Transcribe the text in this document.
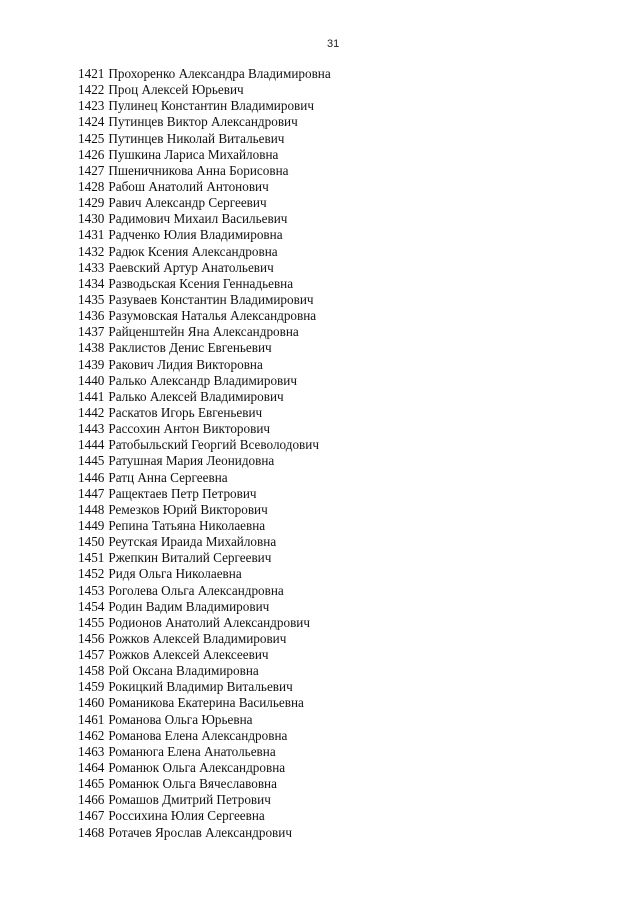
31
1421 Прохоренко Александра Владимировна
1422 Проц Алексей Юрьевич
1423 Пулинец Константин Владимирович
1424 Путинцев Виктор Александрович
1425 Путинцев Николай Витальевич
1426 Пушкина Лариса Михайловна
1427 Пшеничникова Анна Борисовна
1428 Рабош Анатолий Антонович
1429 Равич Александр Сергеевич
1430 Радимович Михаил Васильевич
1431 Радченко Юлия Владимировна
1432 Радюк Ксения Александровна
1433 Раевский Артур Анатольевич
1434 Разводьская Ксения Геннадьевна
1435 Разуваев Константин Владимирович
1436 Разумовская Наталья Александровна
1437 Райценштейн Яна Александровна
1438 Раклистов Денис Евгеньевич
1439 Ракович Лидия Викторовна
1440 Ралько Александр Владимирович
1441 Ралько Алексей Владимирович
1442 Раскатов Игорь Евгеньевич
1443 Рассохин Антон Викторович
1444 Ратобыльский Георгий Всеволодович
1445 Ратушная Мария Леонидовна
1446 Ратц Анна Сергеевна
1447 Ращектаев Петр Петрович
1448 Ремезков Юрий Викторович
1449 Репина Татьяна Николаевна
1450 Реутская Ираида Михайловна
1451 Ржепкин Виталий Сергеевич
1452 Ридя Ольга Николаевна
1453 Роголева Ольга Александровна
1454 Родин Вадим Владимирович
1455 Родионов Анатолий Александрович
1456 Рожков Алексей Владимирович
1457 Рожков Алексей Алексеевич
1458 Рой Оксана Владимировна
1459 Рокицкий Владимир Витальевич
1460 Романикова Екатерина Васильевна
1461 Романова Ольга Юрьевна
1462 Романова Елена Александровна
1463 Романюга Елена Анатольевна
1464 Романюк Ольга Александровна
1465 Романюк Ольга Вячеславовна
1466 Ромашов Дмитрий Петрович
1467 Россихина Юлия Сергеевна
1468 Ротачев Ярослав Александрович
